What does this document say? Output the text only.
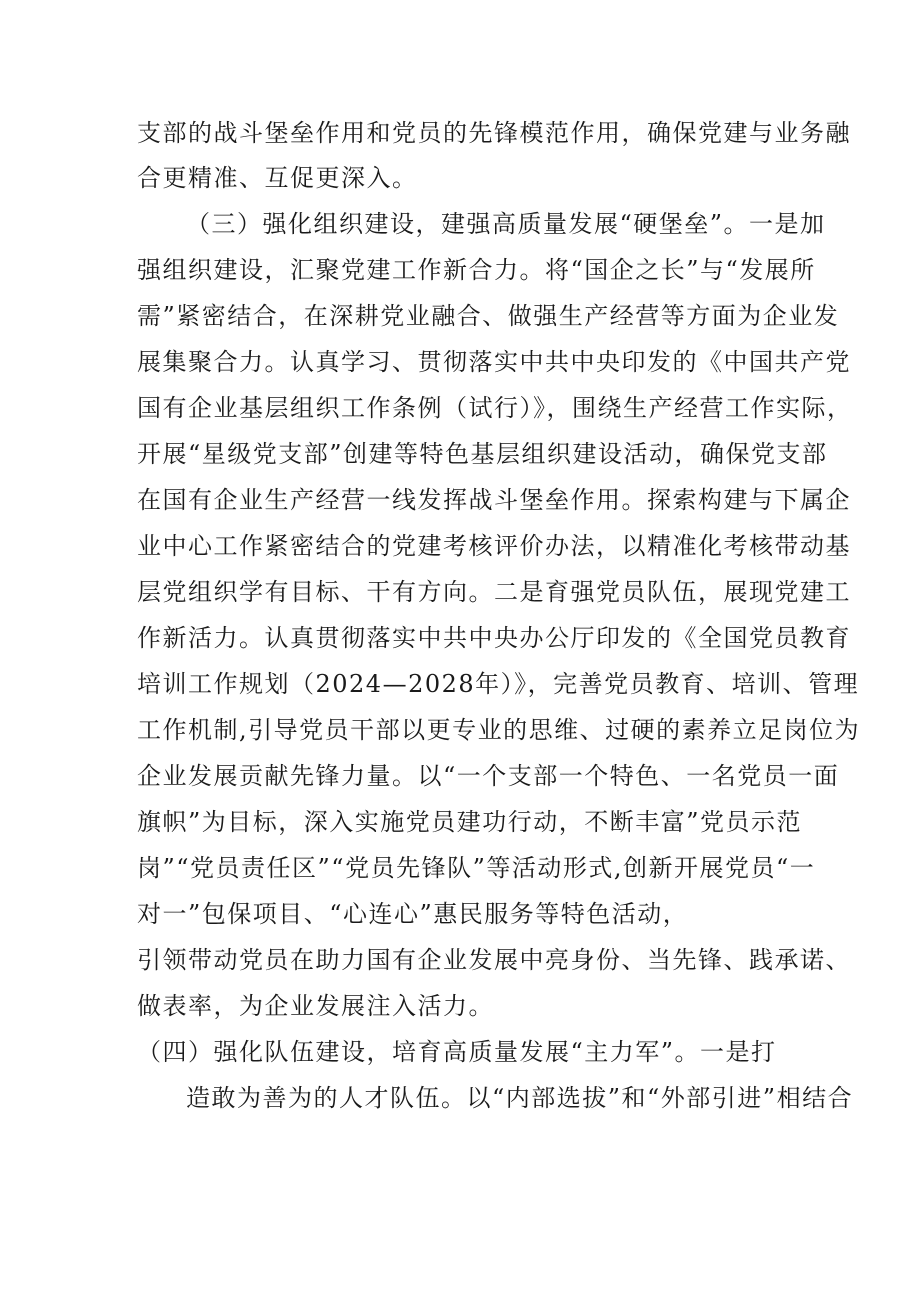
支部的战斗堡垒作用和党员的先锋模范作用，确保党建与业务融
合更精准、互促更深入。
（三）强化组织建设，建强高质量发展“硬堡垒”。一是加
强组织建设，汇聚党建工作新合力。将“国企之长”与“发展所
需”紧密结合，在深耕党业融合、做强生产经营等方面为企业发
展集聚合力。认真学习、贯彻落实中共中央印发的《中国共产党
国有企业基层组织工作条例（试行）》，围绕生产经营工作实际，
开展“星级党支部”创建等特色基层组织建设活动，确保党支部
在国有企业生产经营一线发挥战斗堡垒作用。探索构建与下属企
业中心工作紧密结合的党建考核评价办法，以精准化考核带动基
层党组织学有目标、干有方向。二是育强党员队伍，展现党建工
作新活力。认真贯彻落实中共中央办公厅印发的《全国党员教育
培训工作规划（2024—2028年）》，完善党员教育、培训、管理
工作机制,引导党员干部以更专业的思维、过硬的素养立足岗位为
企业发展贡献先锋力量。以“一个支部一个特色、一名党员一面
旗帜”为目标，深入实施党员建功行动，不断丰富”党员示范
岗”“党员责任区”“党员先锋队”等活动形式,创新开展党员“一
对一”包保项目、“心连心”惠民服务等特色活动，
引领带动党员在助力国有企业发展中亮身份、当先锋、践承诺、
做表率，为企业发展注入活力。
（四）强化队伍建设，培育高质量发展“主力军”。一是打
造敢为善为的人才队伍。以“内部选拔”和“外部引进”相结合
